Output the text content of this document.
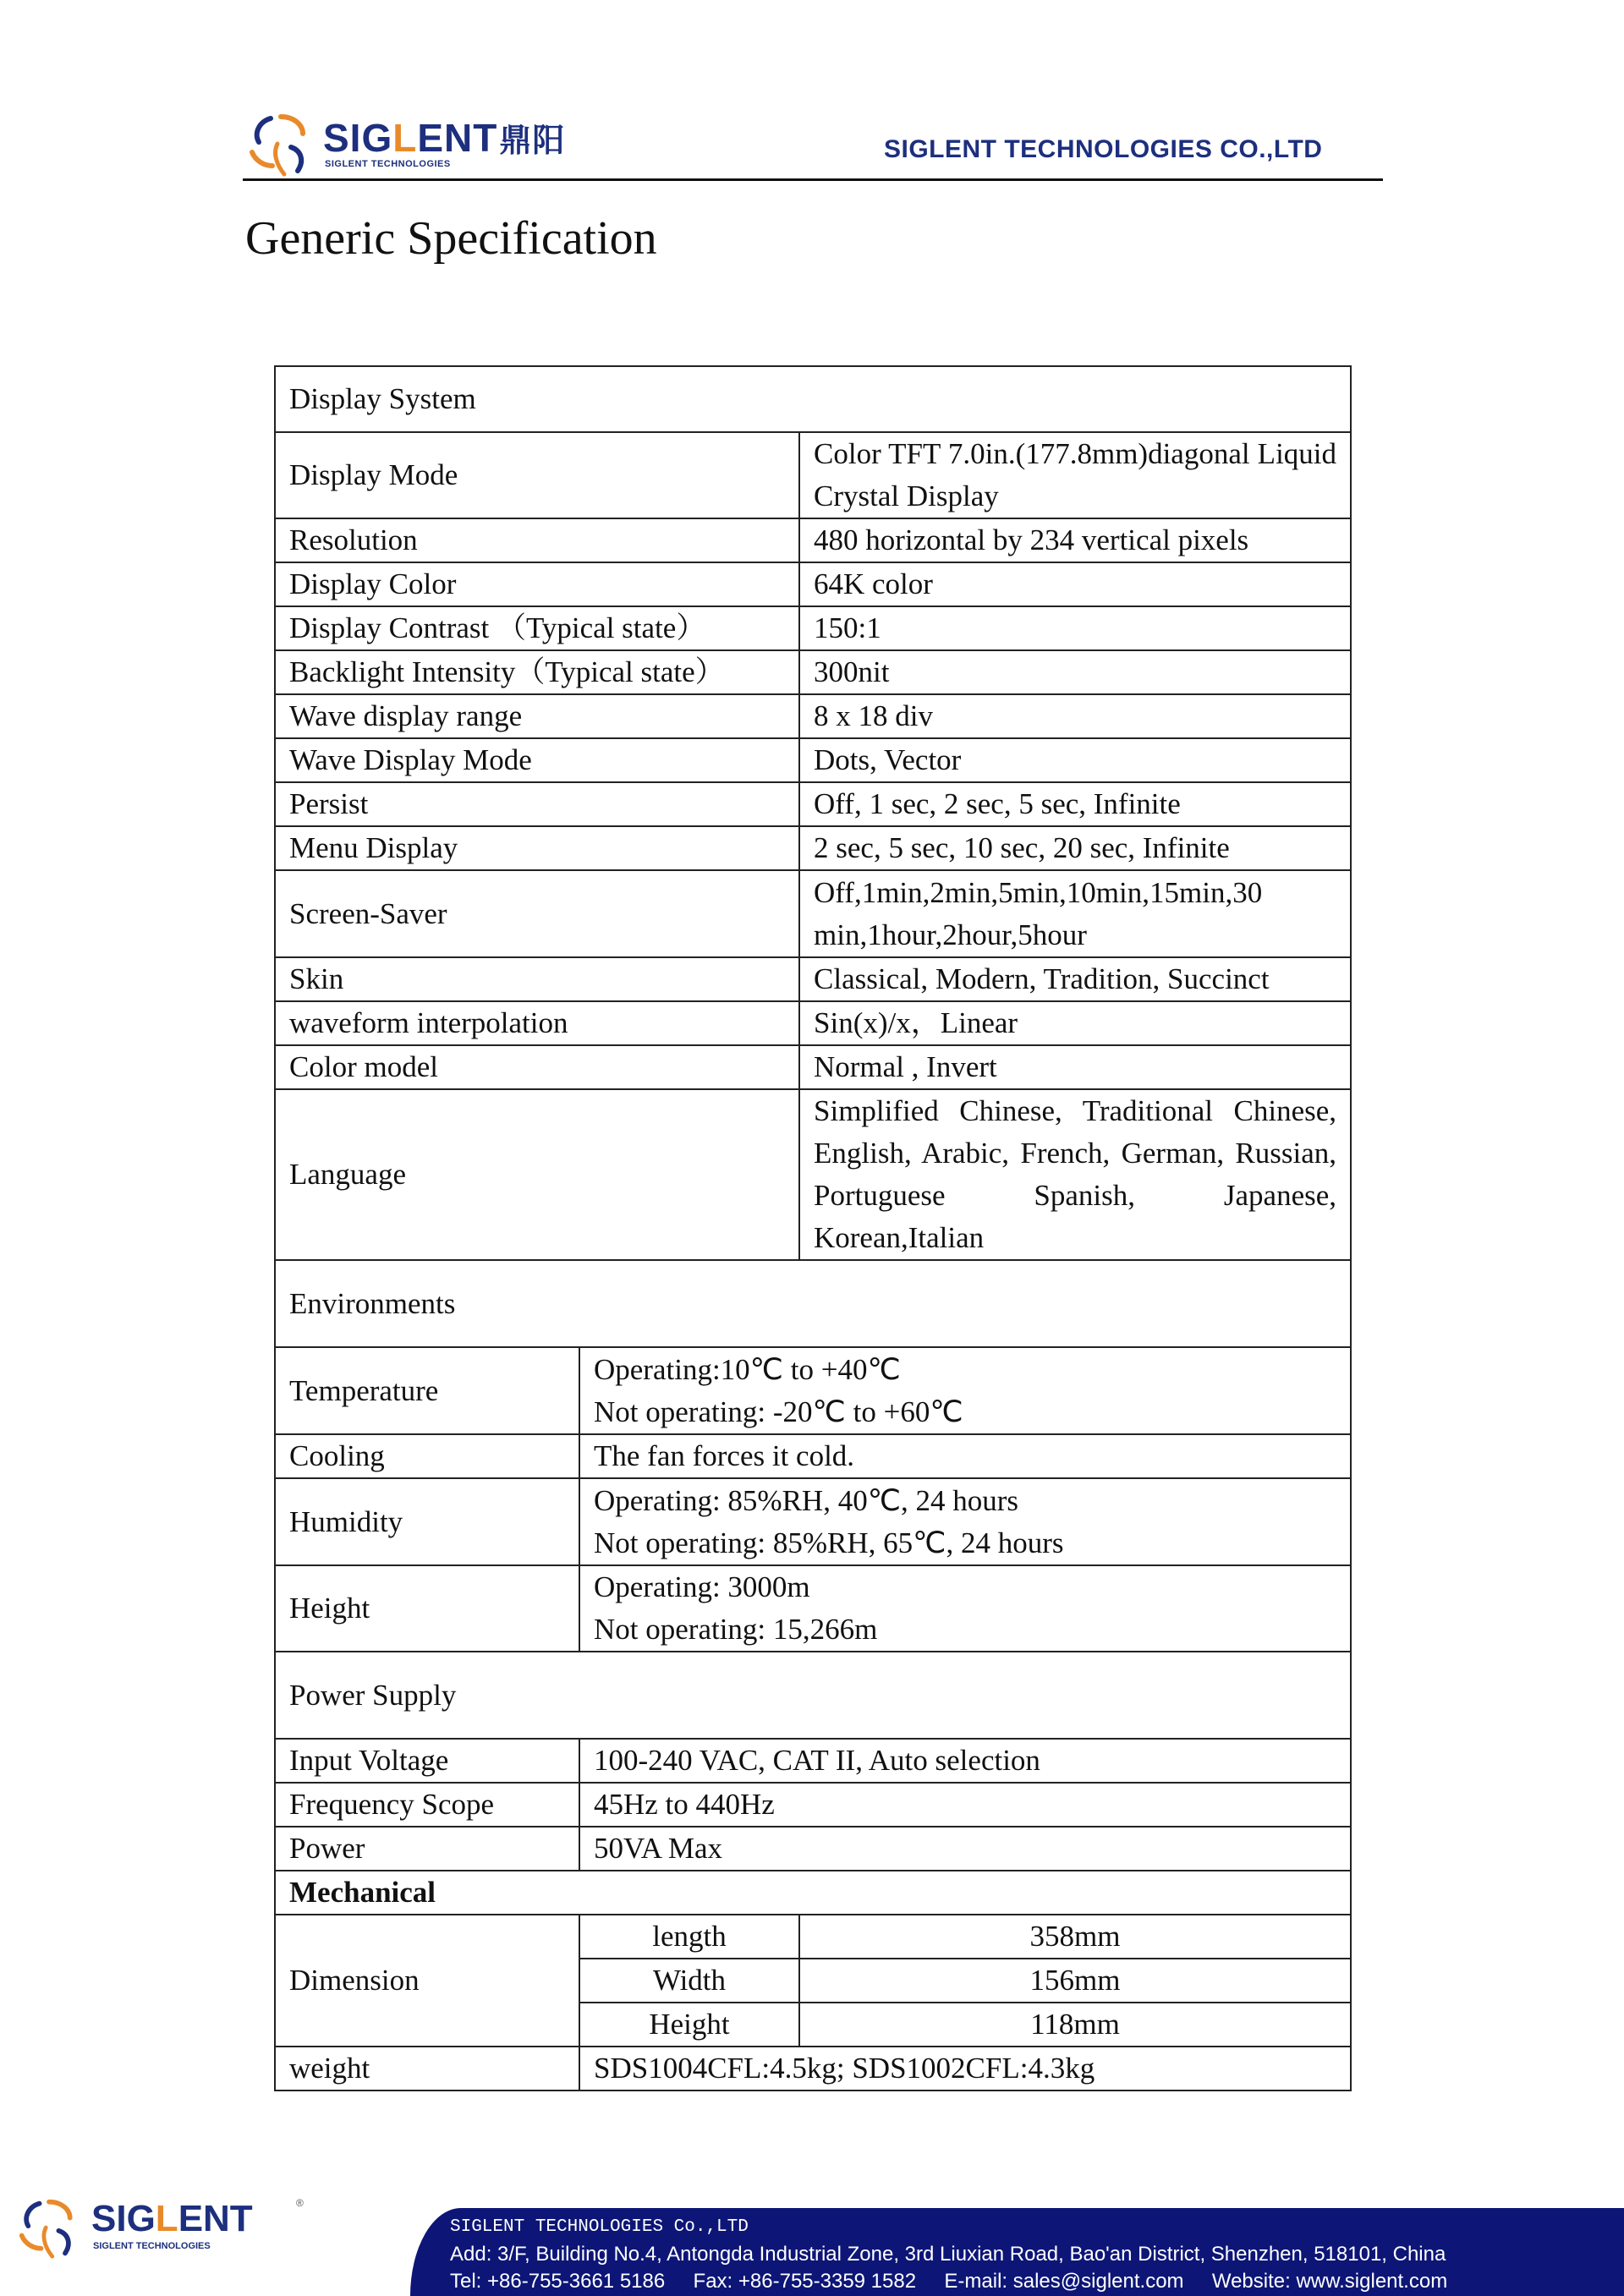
SIGLENT鼎阳
SIGLENT TECHNOLOGIES
SIGLENT TECHNOLOGIES CO.,LTD
Generic Specification
Display System		
Display Mode		Color TFT 7.0in.(177.8mm)diagonal Liquid Crystal Display
Resolution		480 horizontal by 234 vertical pixels
Display Color		64K color
Display Contrast （Typical state）		150:1
Backlight Intensity（Typical state）		300nit
Wave display range		8 x 18 div
Wave Display Mode		Dots, Vector
Persist		Off, 1 sec, 2 sec, 5 sec, Infinite
Menu Display		2 sec, 5 sec, 10 sec, 20 sec, Infinite
Screen-Saver		Off,1min,2min,5min,10min,15min,30 min,1hour,2hour,5hour
Skin		Classical, Modern, Tradition, Succinct
waveform interpolation		Sin(x)/x，Linear
Color model		Normal , Invert
Language		Simplified Chinese, Traditional Chinese, English, Arabic, French, German, Russian, Portuguese Spanish, Japanese, Korean,Italian
Environments		
Temperature	Operating:10℃ to +40℃
Not operating: -20℃ to +60℃	

Cooling	The fan forces it cold.	
Humidity	Operating: 85%RH, 40℃, 24 hours
Not operating: 85%RH, 65℃, 24 hours	

Height	Operating: 3000m
Not operating: 15,266m	

Power Supply		
Input Voltage	100-240 VAC, CAT II, Auto selection	
Frequency Scope	45Hz to 440Hz	
Power	50VA Max	
Mechanical		
Dimension	length	358mm
	Width	156mm
	Height	118mm
weight	SDS1004CFL:4.5kg; SDS1002CFL:4.3kg	
SIGLENT
SIGLENT TECHNOLOGIES
®
SIGLENT TECHNOLOGIES Co.,LTD
Add: 3/F, Building No.4, Antongda Industrial Zone, 3rd Liuxian Road, Bao'an District, Shenzhen, 518101, China
Tel: +86-755-3661 5186     Fax: +86-755-3359 1582     E-mail: sales@siglent.com     Website: www.siglent.com
